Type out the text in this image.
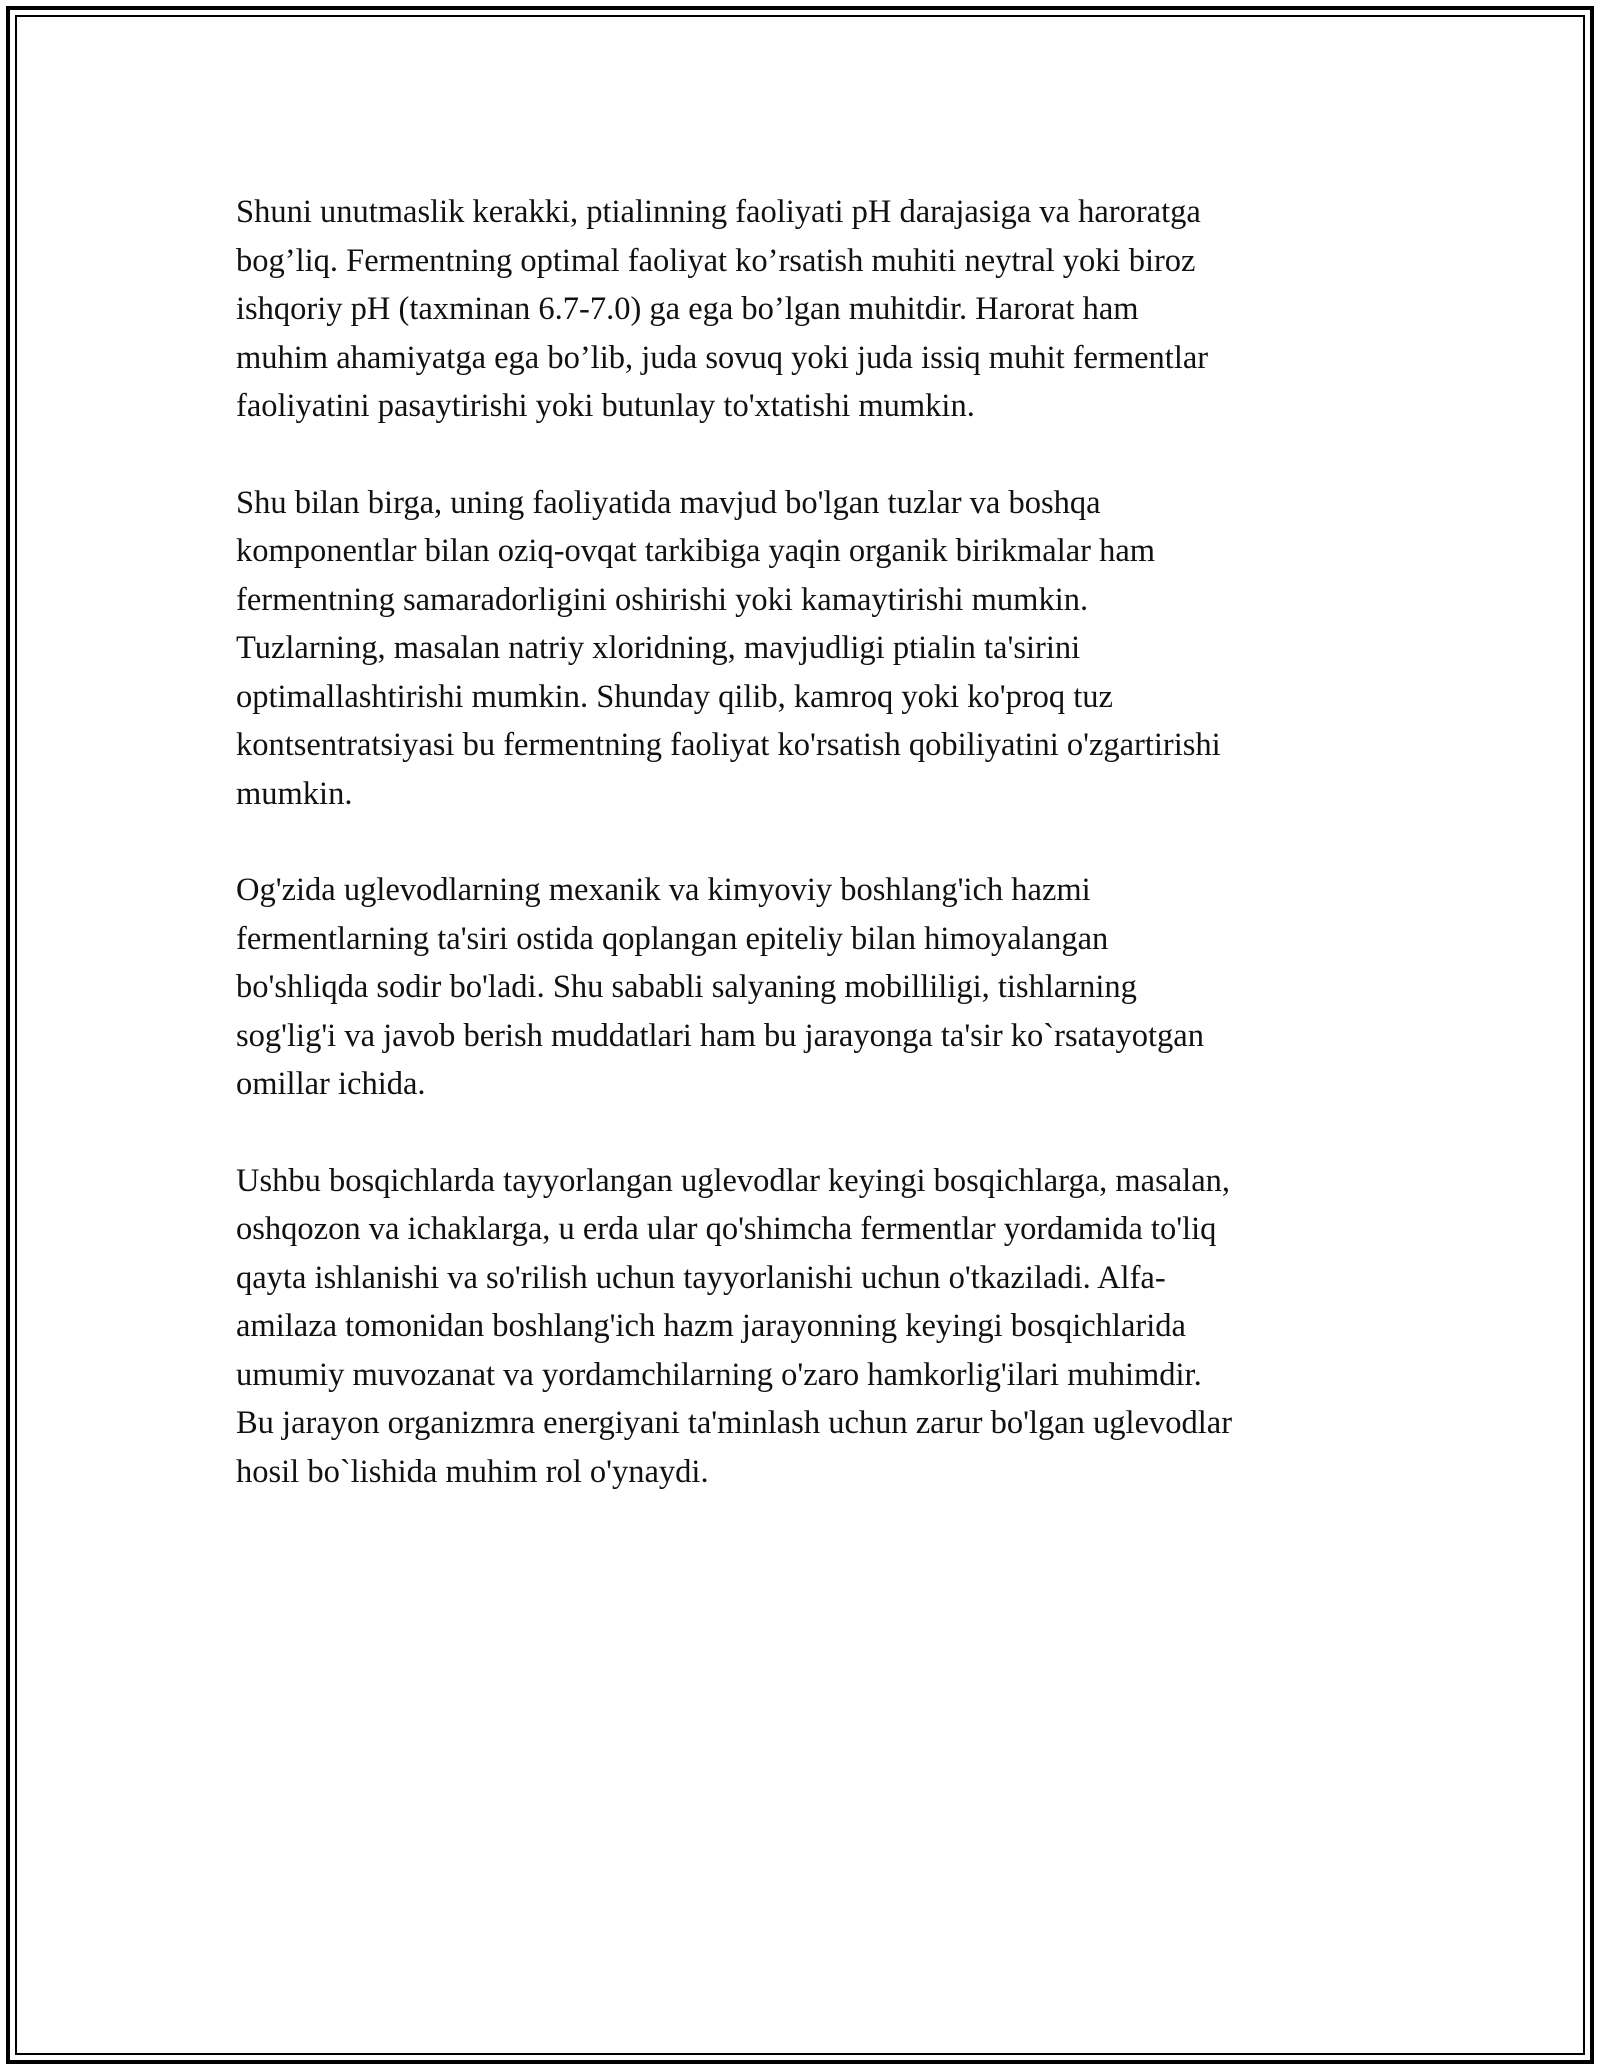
Shuni unutmaslik kerakki, ptialinning faoliyati pH darajasiga va haroratga
bog’liq. Fermentning optimal faoliyat ko’rsatish muhiti neytral yoki biroz
ishqoriy pH (taxminan 6.7-7.0) ga ega bo’lgan muhitdir. Harorat ham
muhim ahamiyatga ega bo’lib, juda sovuq yoki juda issiq muhit fermentlar
faoliyatini pasaytirishi yoki butunlay to'xtatishi mumkin.

Shu bilan birga, uning faoliyatida mavjud bo'lgan tuzlar va boshqa
komponentlar bilan oziq-ovqat tarkibiga yaqin organik birikmalar ham
fermentning samaradorligini oshirishi yoki kamaytirishi mumkin.
Tuzlarning, masalan natriy xloridning, mavjudligi ptialin ta'sirini
optimallashtirishi mumkin. Shunday qilib, kamroq yoki ko'proq tuz
kontsentratsiyasi bu fermentning faoliyat ko'rsatish qobiliyatini o'zgartirishi
mumkin.

Og'zida uglevodlarning mexanik va kimyoviy boshlang'ich hazmi
fermentlarning ta'siri ostida qoplangan epiteliy bilan himoyalangan
bo'shliqda sodir bo'ladi. Shu sababli salyaning mobilliligi, tishlarning
sog'lig'i va javob berish muddatlari ham bu jarayonga ta'sir ko`rsatayotgan
omillar ichida.

Ushbu bosqichlarda tayyorlangan uglevodlar keyingi bosqichlarga, masalan,
oshqozon va ichaklarga, u erda ular qo'shimcha fermentlar yordamida to'liq
qayta ishlanishi va so'rilish uchun tayyorlanishi uchun o'tkaziladi. Alfa-
amilaza tomonidan boshlang'ich hazm jarayonning keyingi bosqichlarida
umumiy muvozanat va yordamchilarning o'zaro hamkorlig'ilari muhimdir.
Bu jarayon organizmra energiyani ta'minlash uchun zarur bo'lgan uglevodlar
hosil bo`lishida muhim rol o'ynaydi.
